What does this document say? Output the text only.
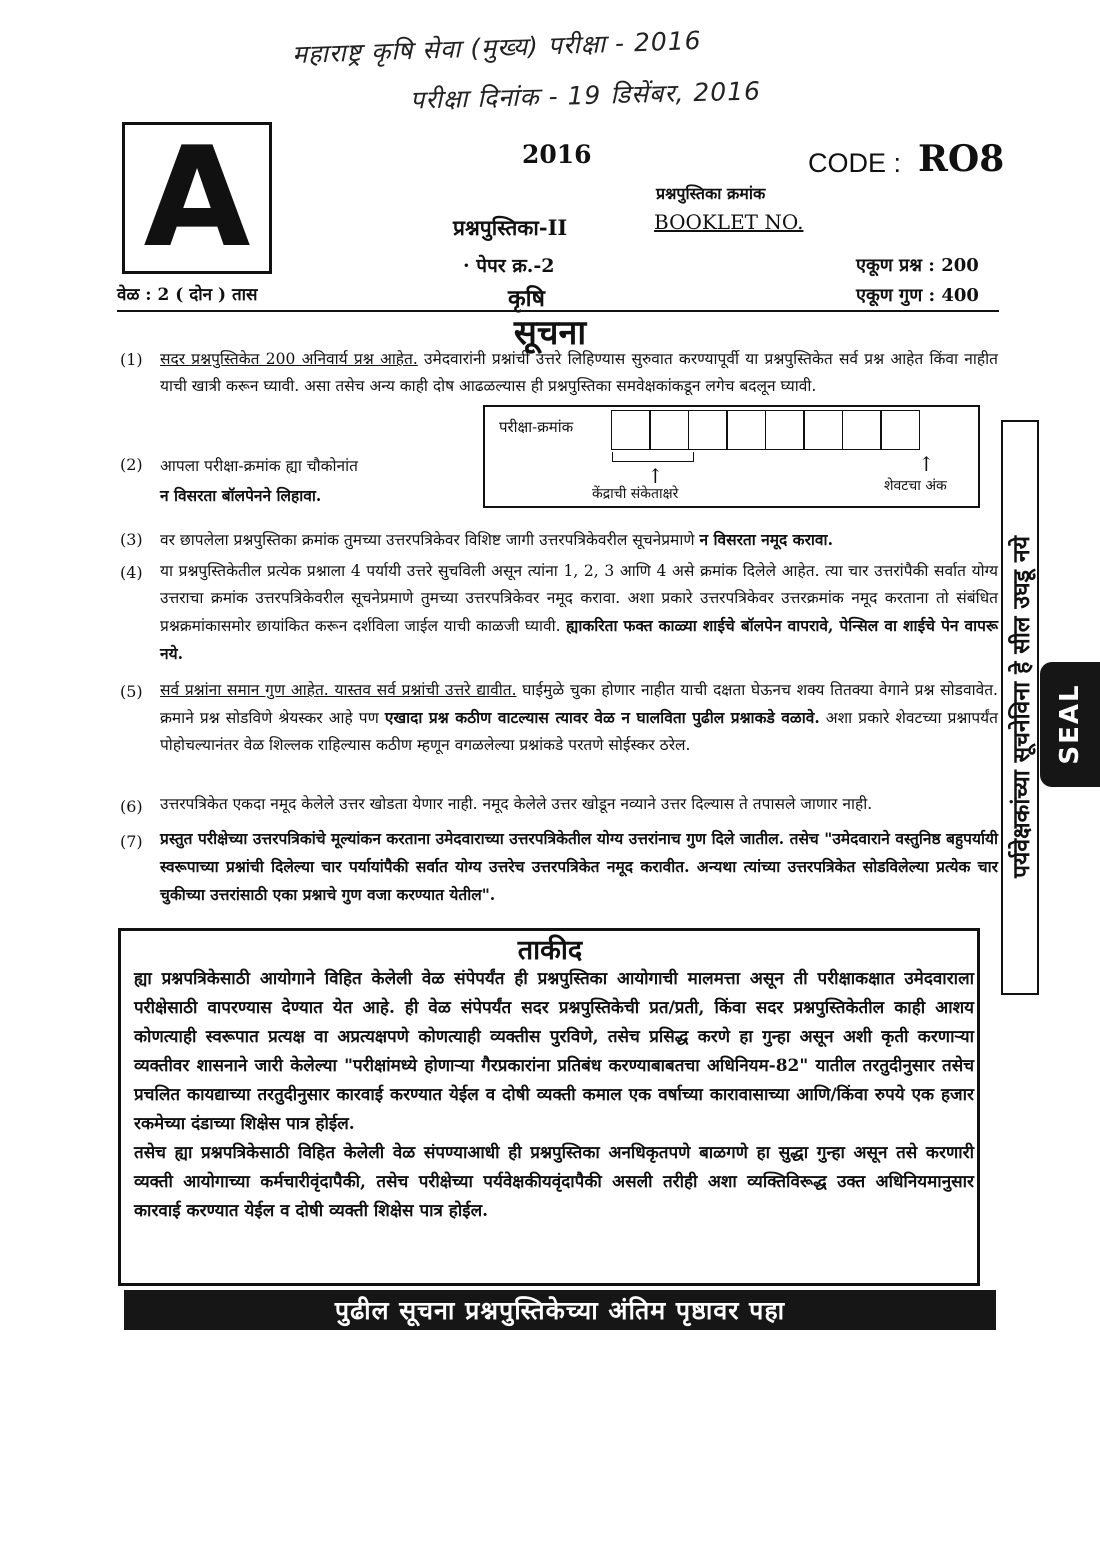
महाराष्ट्र कृषि सेवा (मुख्य) परीक्षा - 2016
परीक्षा दिनांक - 19 डिसेंबर, 2016
A	2016	CODE : RO8
प्रश्नपुस्तिका क्रमांक
BOOKLET NO.
प्रश्नपुस्तिका-II
· पेपर क्र.-2
कृषि
एकूण प्रश्न : 200
एकूण गुण : 400
वेळ : 2 ( दोन ) तास
सूचना
(1) सदर प्रश्नपुस्तिकेत 200 अनिवार्य प्रश्न आहेत. उमेदवारांनी प्रश्नांची उत्तरे लिहिण्यास सुरुवात करण्यापूर्वी या प्रश्नपुस्तिकेत सर्व प्रश्न आहेत किंवा नाहीत याची खात्री करून घ्यावी. असा तसेच अन्य काही दोष आढळल्यास ही प्रश्नपुस्तिका समवेक्षकांकडून लगेच बदलून घ्यावी.
(2) आपला परीक्षा-क्रमांक ह्या चौकोनांत
न विसरता बॉलपेनने लिहावा.
परीक्षा-क्रमांक
↑	↑
केंद्राची संकेताक्षरे	शेवटचा अंक
(3) वर छापलेला प्रश्नपुस्तिका क्रमांक तुमच्या उत्तरपत्रिकेवर विशिष्ट जागी उत्तरपत्रिकेवरील सूचनेप्रमाणे न विसरता नमूद करावा.
(4) या प्रश्नपुस्तिकेतील प्रत्येक प्रश्नाला 4 पर्यायी उत्तरे सुचविली असून त्यांना 1, 2, 3 आणि 4 असे क्रमांक दिलेले आहेत. त्या चार उत्तरांपैकी सर्वात योग्य उत्तराचा क्रमांक उत्तरपत्रिकेवरील सूचनेप्रमाणे तुमच्या उत्तरपत्रिकेवर नमूद करावा. अशा प्रकारे उत्तरपत्रिकेवर उत्तरक्रमांक नमूद करताना तो संबंधित प्रश्नक्रमांकासमोर छायांकित करून दर्शविला जाईल याची काळजी घ्यावी. ह्याकरिता फक्त काळ्या शाईचे बॉलपेन वापरावे, पेन्सिल वा शाईचे पेन वापरू नये.
(5) सर्व प्रश्नांना समान गुण आहेत. यास्तव सर्व प्रश्नांची उत्तरे द्यावीत. घाईमुळे चुका होणार नाहीत याची दक्षता घेऊनच शक्य तितक्या वेगाने प्रश्न सोडवावेत. क्रमाने प्रश्न सोडविणे श्रेयस्कर आहे पण एखादा प्रश्न कठीण वाटल्यास त्यावर वेळ न घालविता पुढील प्रश्नाकडे वळावे. अशा प्रकारे शेवटच्या प्रश्नापर्यंत पोहोचल्यानंतर वेळ शिल्लक राहिल्यास कठीण म्हणून वगळलेल्या प्रश्नांकडे परतणे सोईस्कर ठरेल.
(6) उत्तरपत्रिकेत एकदा नमूद केलेले उत्तर खोडता येणार नाही. नमूद केलेले उत्तर खोडून नव्याने उत्तर दिल्यास ते तपासले जाणार नाही.
(7) प्रस्तुत परीक्षेच्या उत्तरपत्रिकांचे मूल्यांकन करताना उमेदवाराच्या उत्तरपत्रिकेतील योग्य उत्तरांनाच गुण दिले जातील. तसेच "उमेदवाराने वस्तुनिष्ठ बहुपर्यायी स्वरूपाच्या प्रश्नांची दिलेल्या चार पर्यायांपैकी सर्वात योग्य उत्तरेच उत्तरपत्रिकेत नमूद करावीत. अन्यथा त्यांच्या उत्तरपत्रिकेत सोडविलेल्या प्रत्येक चार चुकीच्या उत्तरांसाठी एका प्रश्नाचे गुण वजा करण्यात येतील".
ताकीद

ह्या प्रश्नपत्रिकेसाठी आयोगाने विहित केलेली वेळ संपेपर्यंत ही प्रश्नपुस्तिका आयोगाची मालमत्ता असून ती परीक्षाकक्षात उमेदवाराला परीक्षेसाठी वापरण्यास देण्यात येत आहे. ही वेळ संपेपर्यंत सदर प्रश्नपुस्तिकेची प्रत/प्रती, किंवा सदर प्रश्नपुस्तिकेतील काही आशय कोणत्याही स्वरूपात प्रत्यक्ष वा अप्रत्यक्षपणे कोणत्याही व्यक्तीस पुरविणे, तसेच प्रसिद्ध करणे हा गुन्हा असून अशी कृती करणाऱ्या व्यक्तीवर शासनाने जारी केलेल्या "परीक्षांमध्ये होणाऱ्या गैरप्रकारांना प्रतिबंध करण्याबाबतचा अधिनियम-82" यातील तरतुदीनुसार तसेच प्रचलित कायद्याच्या तरतुदीनुसार कारवाई करण्यात येईल व दोषी व्यक्ती कमाल एक वर्षाच्या कारावासाच्या आणि/किंवा रुपये एक हजार रकमेच्या दंडाच्या शिक्षेस पात्र होईल.

तसेच ह्या प्रश्नपत्रिकेसाठी विहित केलेली वेळ संपण्याआधी ही प्रश्नपुस्तिका अनधिकृतपणे बाळगणे हा सुद्धा गुन्हा असून तसे करणारी व्यक्ती आयोगाच्या कर्मचारीवृंदापैकी, तसेच परीक्षेच्या पर्यवेक्षकीयवृंदापैकी असली तरीही अशा व्यक्तिविरूद्ध उक्त अधिनियमानुसार कारवाई करण्यात येईल व दोषी व्यक्ती शिक्षेस पात्र होईल.

पुढील सूचना प्रश्नपुस्तिकेच्या अंतिम पृष्ठावर पहा
पर्यवेक्षकांच्या सूचनेविना हे सील उघडू नये SEAL
